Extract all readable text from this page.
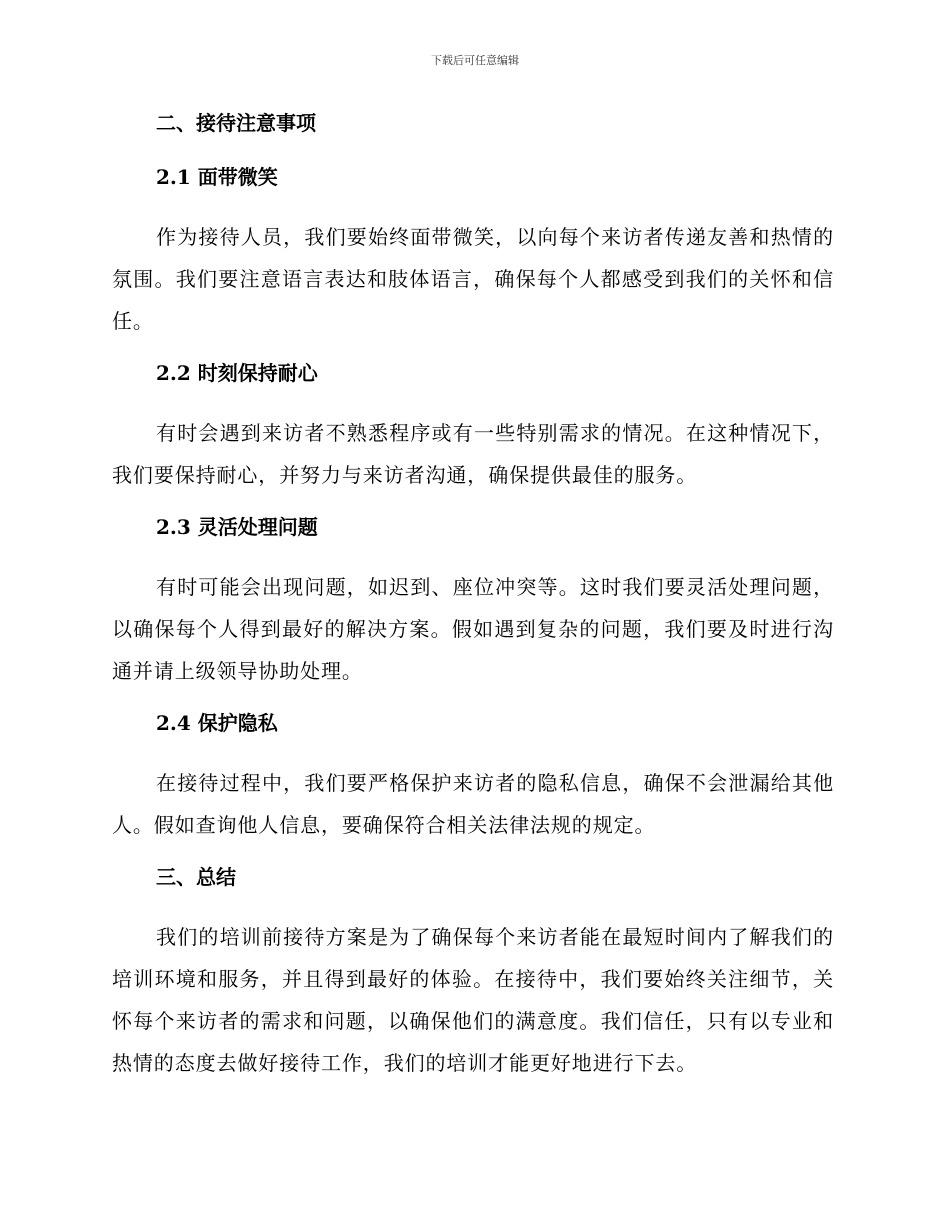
下载后可任意编辑
二、接待注意事项
2.1 面带微笑

作为接待人员，我们要始终面带微笑，以向每个来访者传递友善和热情的氛围。我们要注意语言表达和肢体语言，确保每个人都感受到我们的关怀和信任。

2.2 时刻保持耐心

有时会遇到来访者不熟悉程序或有一些特别需求的情况。在这种情况下，我们要保持耐心，并努力与来访者沟通，确保提供最佳的服务。

2.3 灵活处理问题

有时可能会出现问题，如迟到、座位冲突等。这时我们要灵活处理问题，以确保每个人得到最好的解决方案。假如遇到复杂的问题，我们要及时进行沟通并请上级领导协助处理。

2.4 保护隐私

在接待过程中，我们要严格保护来访者的隐私信息，确保不会泄漏给其他人。假如查询他人信息，要确保符合相关法律法规的规定。

三、总结

我们的培训前接待方案是为了确保每个来访者能在最短时间内了解我们的培训环境和服务，并且得到最好的体验。在接待中，我们要始终关注细节，关怀每个来访者的需求和问题，以确保他们的满意度。我们信任，只有以专业和热情的态度去做好接待工作，我们的培训才能更好地进行下去。
